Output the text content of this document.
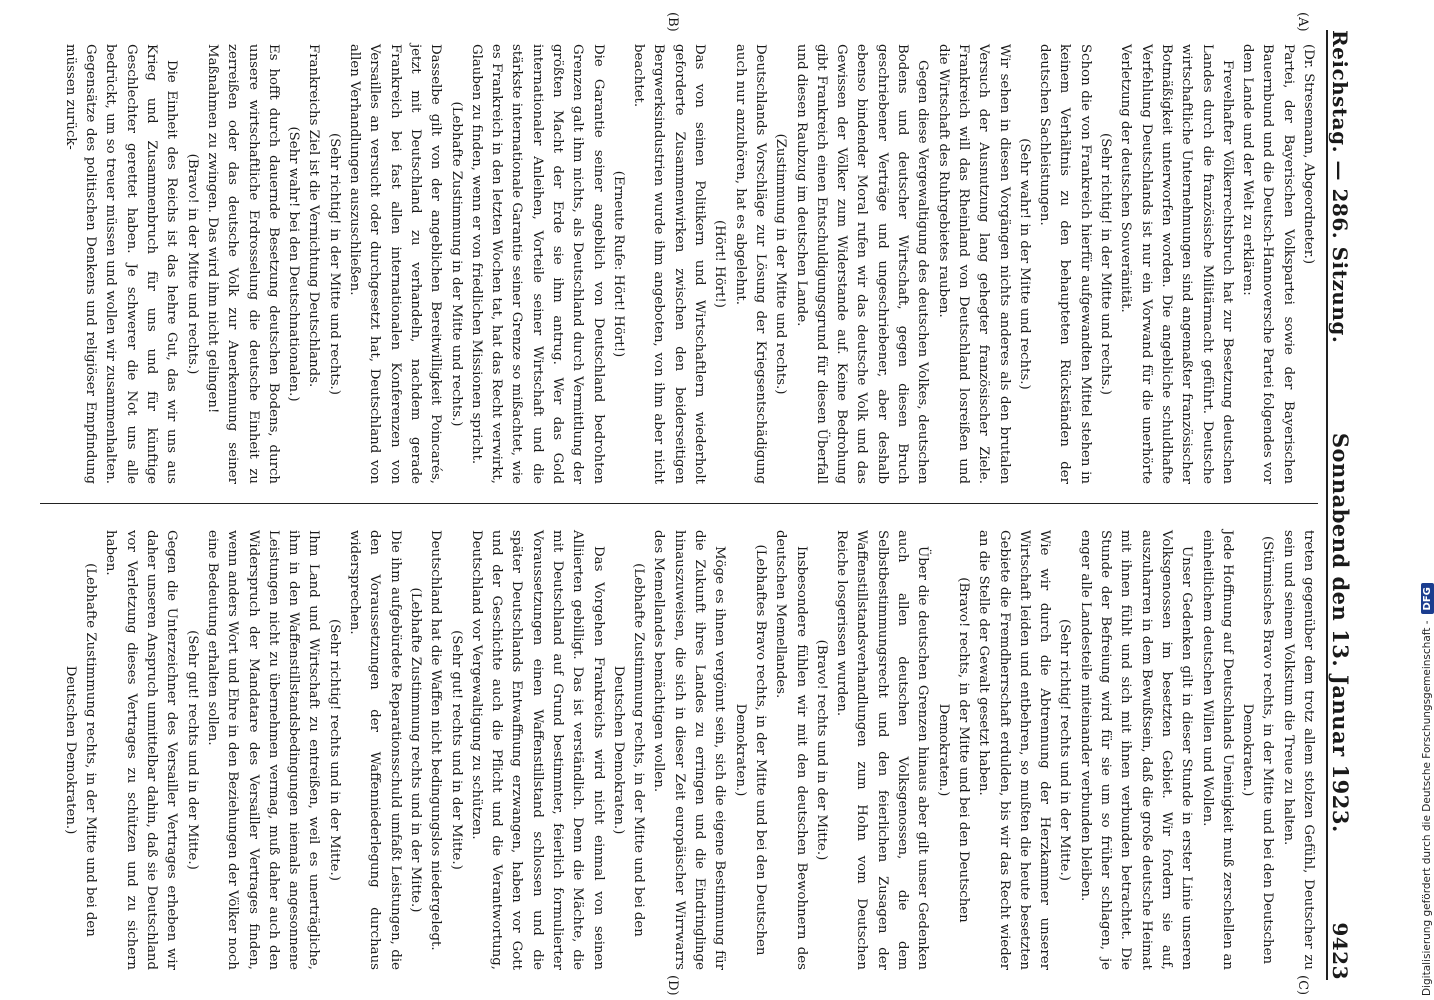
Reichstag. — 286. Sitzung.
Sonnabend den 13. Januar 1923.
9423
(A)
(B)
(C)
(D)

(Dr. Stresemann, Abgeordneter.)

Partei, der Bayerischen Volkspartei sowie der Bayerischen Bauernbund und die Deutsch-Hannoversche Partei folgendes vor dem Lande und der Welt zu erklären:

Frevelhafter Völkerrechtsbruch hat zur Besetzung deutschen Landes durch die französische Militärmacht geführt. Deutsche wirtschaftliche Unternehmungen sind angemaßter französischer Botmäßigkeit unterworfen worden. Die angebliche schuldhafte Verfehlung Deutschlands ist nur ein Vorwand für die unerhörte Verletzung der deutschen Souveränität.

(Sehr richtig! in der Mitte und rechts.)

Schon die von Frankreich hierfür aufgewandten Mittel stehen in keinem Verhältnis zu den behaupteten Rückständen der deutschen Sachleistungen.

(Sehr wahr! in der Mitte und rechts.)

Wir sehen in diesen Vorgängen nichts anderes als den brutalen Versuch der Ausnutzung lang gehegter französischer Ziele. Frankreich will das Rheinland von Deutschland losreißen und die Wirtschaft des Ruhrgebietes rauben.

Gegen diese Vergewaltigung des deutschen Volkes, deutschen Bodens und deutscher Wirtschaft, gegen diesen Bruch geschriebener Verträge und ungeschriebener, aber deshalb ebenso bindender Moral rufen wir das deutsche Volk und das Gewissen der Völker zum Widerstande auf. Keine Bedrohung gibt Frankreich einen Entschuldigungsgrund für diesen Überfall und diesen Raubzug im deutschen Lande.

(Zustimmung in der Mitte und rechts.)

Deutschlands Vorschläge zur Lösung der Kriegsentschädigung auch nur anzuhören, hat es abgelehnt.

(Hört! Hört!)

Das von seinen Politikern und Wirtschaftlern wiederholt geforderte Zusammenwirken zwischen den beiderseitigen Bergwerksindustrien wurde ihm angeboten, von ihm aber nicht beachtet.

(Erneute Rufe: Hört! Hört!)

Die Garantie seiner angeblich von Deutschland bedrohten Grenzen galt ihm nichts, als Deutschland durch Vermittlung der größten Macht der Erde sie ihm antrug. Wer das Gold internationaler Anleihen, Vorteile seiner Wirtschaft und die stärkste internationale Garantie seiner Grenze so mißachtet, wie es Frankreich in den letzten Wochen tat, hat das Recht verwirkt, Glauben zu finden, wenn er von friedlichen Missionen spricht.

(Lebhafte Zustimmung in der Mitte und rechts.)

Dasselbe gilt von der angeblichen Bereitwilligkeit Poincarés, jetzt mit Deutschland zu verhandeln, nachdem gerade Frankreich bei fast allen internationalen Konferenzen von Versailles an versucht oder durchgesetzt hat, Deutschland von allen Verhandlungen auszuschließen.

(Sehr richtig! in der Mitte und rechts.)

Frankreichs Ziel ist die Vernichtung Deutschlands.

(Sehr wahr! bei den Deutschnationalen.)

Es hofft durch dauernde Besetzung deutschen Bodens, durch unsere wirtschaftliche Erdrosselung die deutsche Einheit zu zerreißen oder das deutsche Volk zur Anerkennung seiner Maßnahmen zu zwingen. Das wird ihm nicht gelingen!

(Bravo! in der Mitte und rechts.)

Die Einheit des Reichs ist das hehre Gut, das wir uns aus Krieg und Zusammenbruch für uns und für künftige Geschlechter gerettet haben. Je schwerer die Not uns alle bedrückt, um so treuer müssen und wollen wir zusammenhalten. Gegensätze des politischen Denkens und religiöser Empfindung müssen zurück-

treten gegenüber dem trotz allem stolzen Gefühl, Deutscher zu sein und seinem Volkstum die Treue zu halten.

(Stürmisches Bravo rechts, in der Mitte und bei den Deutschen Demokraten.)

Jede Hoffnung auf Deutschlands Uneinigkeit muß zerschellen an einheitlichem deutschen Willen und Wollen.

Unser Gedenken gilt in dieser Stunde in erster Linie unseren Volksgenossen im besetzten Gebiet. Wir fordern sie auf, auszuharren in dem Bewußtsein, daß die große deutsche Heimat mit ihnen fühlt und sich mit ihnen verbunden betrachtet. Die Stunde der Befreiung wird für sie um so früher schlagen, je enger alle Landesteile miteinander verbunden bleiben.

(Sehr richtig! rechts und in der Mitte.)

Wie wir durch die Abtrennung der Herzkammer unserer Wirtschaft leiden und entbehren, so mußten die heute besetzten Gebiete die Fremdherrschaft erdulden, bis wir das Recht wieder an die Stelle der Gewalt gesetzt haben.

(Bravo! rechts, in der Mitte und bei den Deutschen Demokraten.)

Über die deutschen Grenzen hinaus aber gilt unser Gedenken auch allen deutschen Volksgenossen, die dem Selbstbestimmungsrecht und den feierlichen Zusagen der Waffenstillstandsverhandlungen zum Hohn vom Deutschen Reiche losgerissen wurden.

(Bravo! rechts und in der Mitte.)

Insbesondere fühlen wir mit den deutschen Bewohnern des deutschen Memellandes.

(Lebhaftes Bravo rechts, in der Mitte und bei den Deutschen Demokraten.)

Möge es ihnen vergönnt sein, sich die eigene Bestimmung für die Zukunft ihres Landes zu erringen und die Eindringlinge hinauszuweisen, die sich in dieser Zeit europäischer Wirrwarrs des Memellandes bemächtigen wollen.

(Lebhafte Zustimmung rechts, in der Mitte und bei den Deutschen Demokraten.)

Das Vorgehen Frankreichs wird nicht einmal von seinen Alliierten gebilligt. Das ist verständlich. Denn die Mächte, die mit Deutschland auf Grund bestimmter, feierlich formulierter Voraussetzungen einen Waffenstillstand schlossen und die später Deutschlands Entwaffnung erzwangen, haben vor Gott und der Geschichte auch die Pflicht und die Verantwortung, Deutschland vor Vergewaltigung zu schützen.

(Sehr gut! rechts und in der Mitte.)

Deutschland hat die Waffen nicht bedingungslos niedergelegt.

(Lebhafte Zustimmung rechts und in der Mitte.)

Die ihm aufgebürdete Reparationsschuld umfaßt Leistungen, die den Voraussetzungen der Waffenniederlegung durchaus widersprechen.

(Sehr richtig! rechts und in der Mitte.)

Ihm Land und Wirtschaft zu entreißen, weil es unerträgliche, ihm in den Waffenstillstandsbedingungen niemals angesonnene Leistungen nicht zu übernehmen vermag, muß daher auch den Widerspruch der Mandatare des Versailler Vertrages finden, wenn anders Wort und Ehre in den Beziehungen der Völker noch eine Bedeutung erhalten sollen.

(Sehr gut! rechts und in der Mitte.)

Gegen die Unterzeichner des Versailler Vertrages erheben wir daher unseren Anspruch unmittelbar dahin, daß sie Deutschland vor Verletzung dieses Vertrages zu schützen und zu sichern haben.

(Lebhafte Zustimmung rechts, in der Mitte und bei den Deutschen Demokraten.)	Digitalisierung gefördert durch die Deutsche Forschungsgemeinschaft -
DFG
